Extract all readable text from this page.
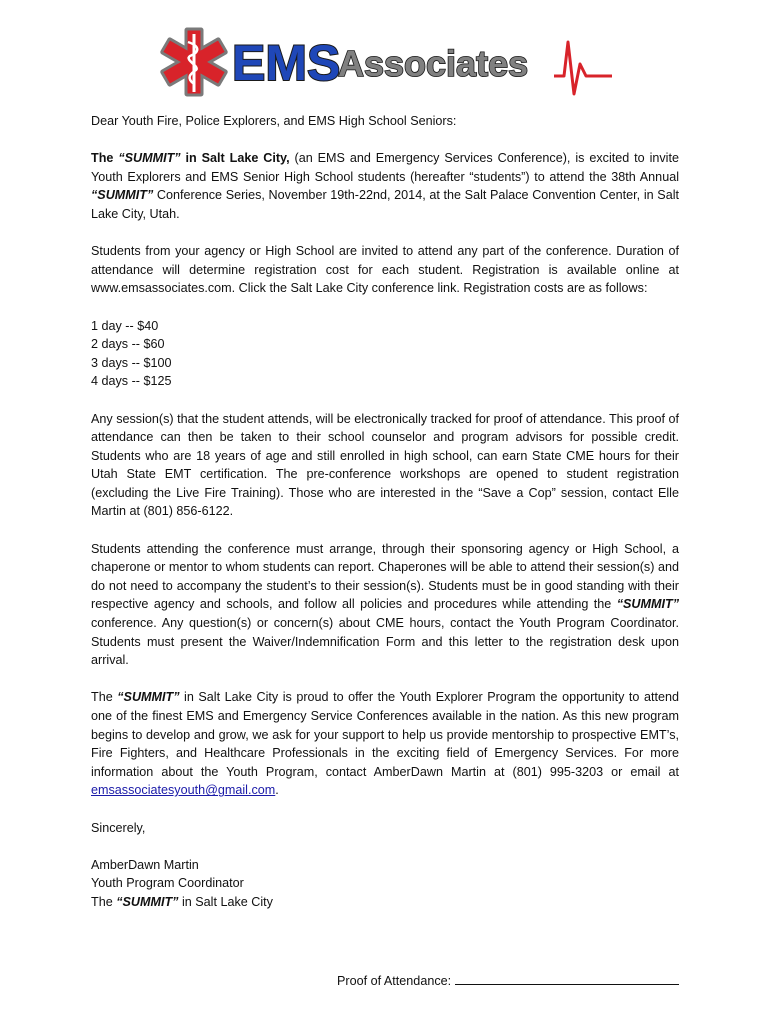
EMS
Associates

Dear Youth Fire, Police Explorers, and EMS High School Seniors:

The “SUMMIT” in Salt Lake City, (an EMS and Emergency Services Conference), is excited to invite Youth Explorers and EMS Senior High School students (hereafter “students”) to attend the 38th Annual “SUMMIT” Conference Series, November 19th-22nd, 2014, at the Salt Palace Convention Center, in Salt Lake City, Utah.

Students from your agency or High School are invited to attend any part of the conference. Duration of attendance will determine registration cost for each student. Registration is available online at www.emsassociates.com. Click the Salt Lake City conference link. Registration costs are as follows:

1 day -- $40
2 days -- $60
3 days -- $100
4 days -- $125

Any session(s) that the student attends, will be electronically tracked for proof of attendance. This proof of attendance can then be taken to their school counselor and program advisors for possible credit. Students who are 18 years of age and still enrolled in high school, can earn State CME hours for their Utah State EMT certification. The pre-conference workshops are opened to student registration (excluding the Live Fire Training). Those who are interested in the “Save a Cop” session, contact Elle Martin at (801) 856-6122.

Students attending the conference must arrange, through their sponsoring agency or High School, a chaperone or mentor to whom students can report. Chaperones will be able to attend their session(s) and do not need to accompany the student’s to their session(s). Students must be in good standing with their respective agency and schools, and follow all policies and procedures while attending the “SUMMIT” conference. Any question(s) or concern(s) about CME hours, contact the Youth Program Coordinator. Students must present the Waiver/Indemnification Form and this letter to the registration desk upon arrival.

The “SUMMIT” in Salt Lake City is proud to offer the Youth Explorer Program the opportunity to attend one of the finest EMS and Emergency Service Conferences available in the nation. As this new program begins to develop and grow, we ask for your support to help us provide mentorship to prospective EMT’s, Fire Fighters, and Healthcare Professionals in the exciting field of Emergency Services. For more information about the Youth Program, contact AmberDawn Martin at (801) 995-3203 or email at emsassociatesyouth@gmail.com.

Sincerely,

AmberDawn Martin
Youth Program Coordinator
The “SUMMIT” in Salt Lake City

Proof of Attendance:
